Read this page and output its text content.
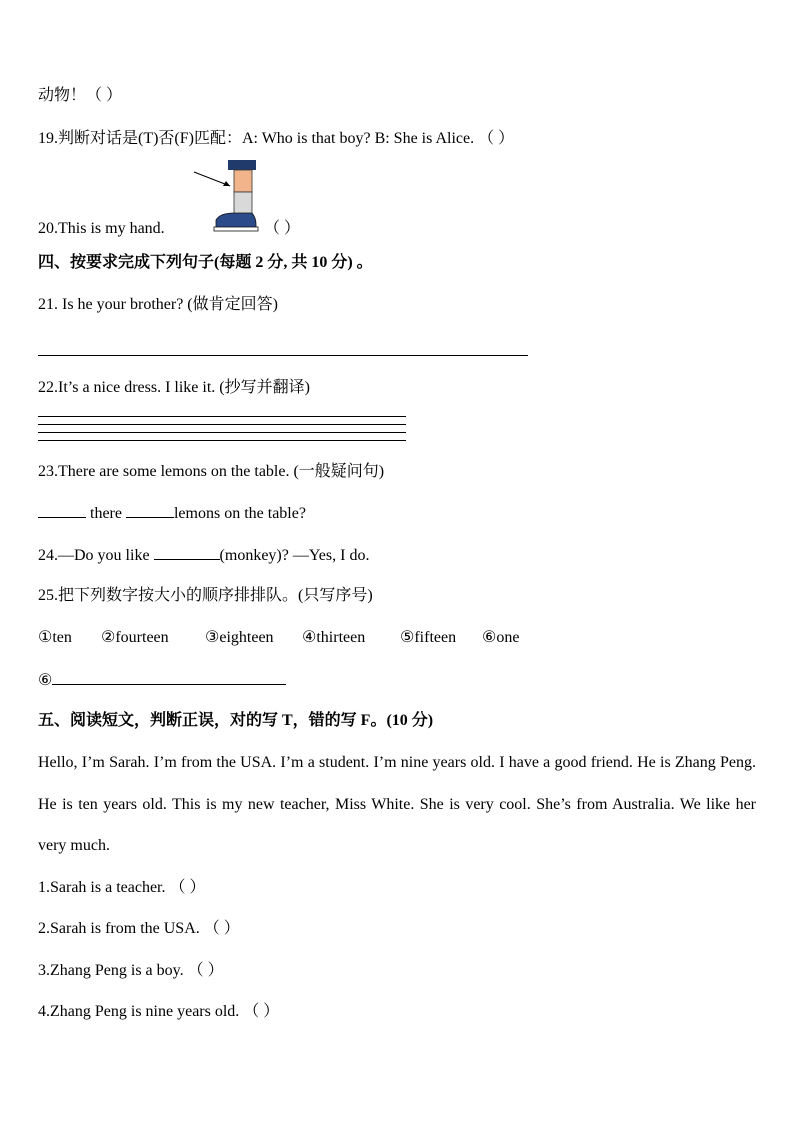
动物！（ ）
19.判断对话是(T)否(F)匹配：A: Who is that boy? B: She is Alice. （ ）
20.This is my hand.	（ ）
四、按要求完成下列句子(每题 2 分, 共 10 分) 。
21. Is he your brother? (做肯定回答)
22.It’s a nice dress. I like it. (抄写并翻译)
23.There are some lemons on the table. (一般疑问句)
there	lemons on the table?
24.—Do you like	(monkey)? —Yes, I do.
25.把下列数字按大小的顺序排排队。(只写序号)
①ten ②fourteen ③eighteen ④thirteen ⑤fifteen ⑥one
⑥
五、阅读短文，判断正误，对的写 T，错的写 F。(10 分)
Hello, I’m Sarah. I’m from the USA. I’m a student. I’m nine years old. I have a good friend. He is Zhang Peng. He is ten years old. This is my new teacher, Miss White. She is very cool. She’s from Australia. We like her very much.
1.Sarah is a teacher. （ ）
2.Sarah is from the USA. （ ）
3.Zhang Peng is a boy. （ ）
4.Zhang Peng is nine years old. （ ）
